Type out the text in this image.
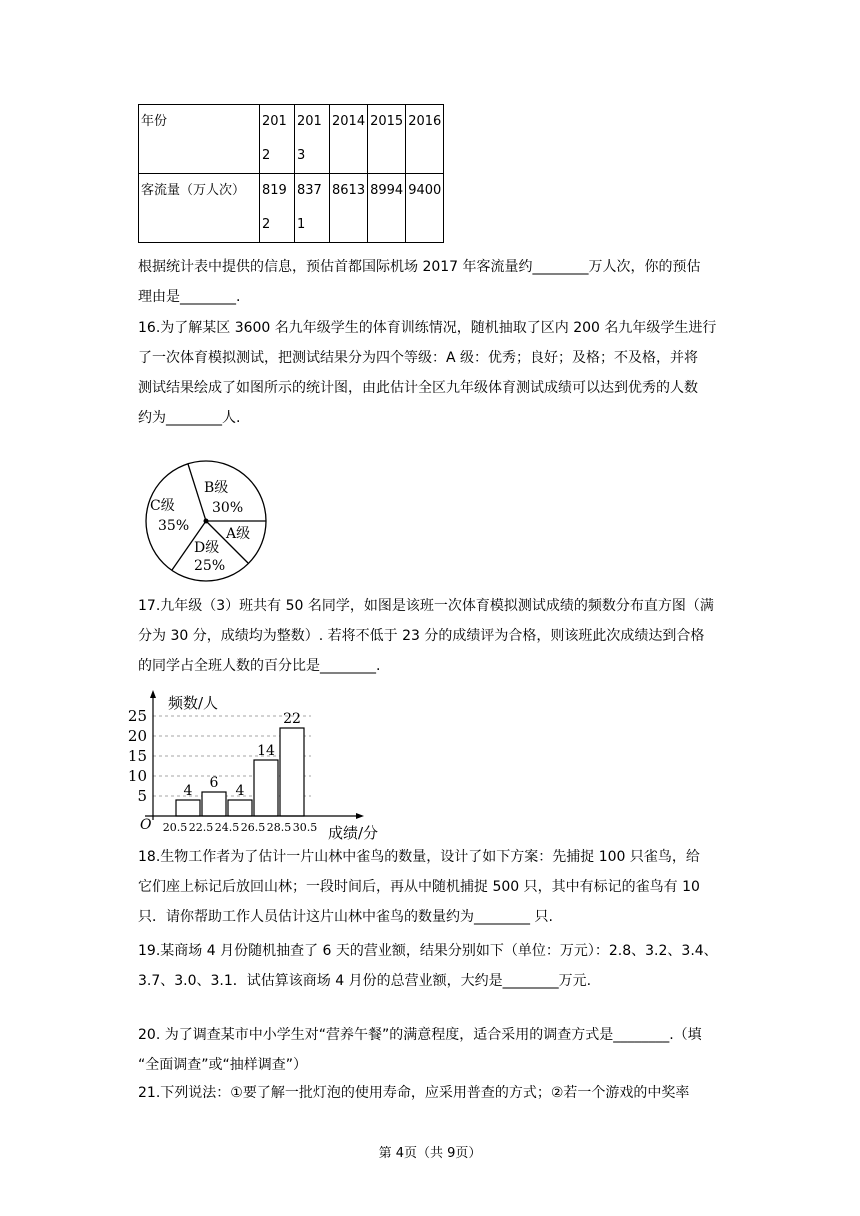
年份	2012	2013	2014	2015	2016
客流量（万人次）	8192	8371	8613	8994	9400
根据统计表中提供的信息，预估首都国际机场 2017 年客流量约________万人次，你的预估
理由是________.
16.为了解某区 3600 名九年级学生的体育训练情况，随机抽取了区内 200 名九年级学生进行
了一次体育模拟测试，把测试结果分为四个等级：A 级：优秀；良好；及格；不及格，并将
测试结果绘成了如图所示的统计图，由此估计全区九年级体育测试成绩可以达到优秀的人数
约为________人.
B级
30%
C级
35%	A级
D级
25%
17.九年级（3）班共有 50 名同学，如图是该班一次体育模拟测试成绩的频数分布直方图（满
分为 30 分，成绩均为整数）. 若将不低于 23 分的成绩评为合格，则该班此次成绩达到合格
的同学占全班人数的百分比是________.
4 6 4
14
22
5
10
15
20
25
20.5 22.5 24.5 26.5 28.5 30.5
频数/人
成绩/分
O
18.生物工作者为了估计一片山林中雀鸟的数量，设计了如下方案：先捕捉 100 只雀鸟，给
它们座上标记后放回山林；一段时间后，再从中随机捕捉 500 只，其中有标记的雀鸟有 10
只．请你帮助工作人员估计这片山林中雀鸟的数量约为________ 只.
19.某商场 4 月份随机抽查了 6 天的营业额，结果分别如下（单位：万元）：2.8、3.2、3.4、
3.7、3.0、3.1．试估算该商场 4 月份的总营业额，大约是________万元.
20. 为了调查某市中小学生对“营养午餐”的满意程度，适合采用的调查方式是________.（填
“全面调查”或“抽样调查”）
21.下列说法：①要了解一批灯泡的使用寿命，应采用普查的方式；②若一个游戏的中奖率
第 4页（共 9页）
